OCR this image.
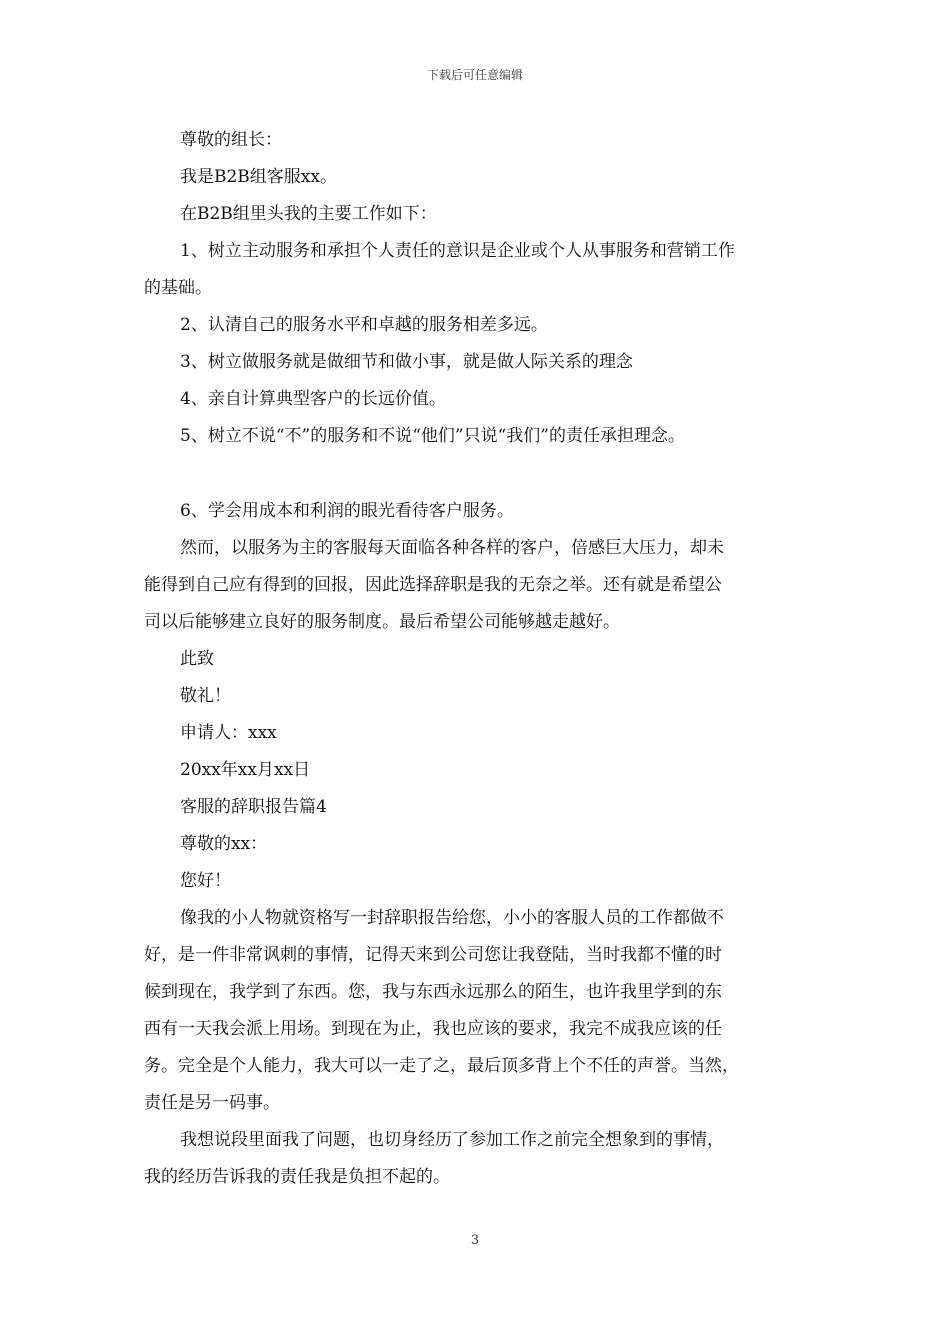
下载后可任意编辑

尊敬的组长：

我是B2B组客服xx。

在B2B组里头我的主要工作如下：

1、树立主动服务和承担个人责任的意识是企业或个人从事服务和营销工作

的基础。

2、认清自己的服务水平和卓越的服务相差多远。

3、树立做服务就是做细节和做小事，就是做人际关系的理念

4、亲自计算典型客户的长远价值。

5、树立不说“不”的服务和不说“他们”只说“我们”的责任承担理念。

6、学会用成本和利润的眼光看待客户服务。

然而，以服务为主的客服每天面临各种各样的客户，倍感巨大压力，却未

能得到自己应有得到的回报，因此选择辞职是我的无奈之举。还有就是希望公

司以后能够建立良好的服务制度。最后希望公司能够越走越好。

此致

敬礼！

申请人：xxx

20xx年xx月xx日

客服的辞职报告篇4

尊敬的xx：

您好！

像我的小人物就资格写一封辞职报告给您，小小的客服人员的工作都做不

好，是一件非常讽刺的事情，记得天来到公司您让我登陆，当时我都不懂的时

候到现在，我学到了东西。您，我与东西永远那么的陌生，也许我里学到的东

西有一天我会派上用场。到现在为止，我也应该的要求，我完不成我应该的任

务。完全是个人能力，我大可以一走了之，最后顶多背上个不任的声誉。当然，

责任是另一码事。

我想说段里面我了问题，也切身经历了参加工作之前完全想象到的事情，

我的经历告诉我的责任我是负担不起的。

3
